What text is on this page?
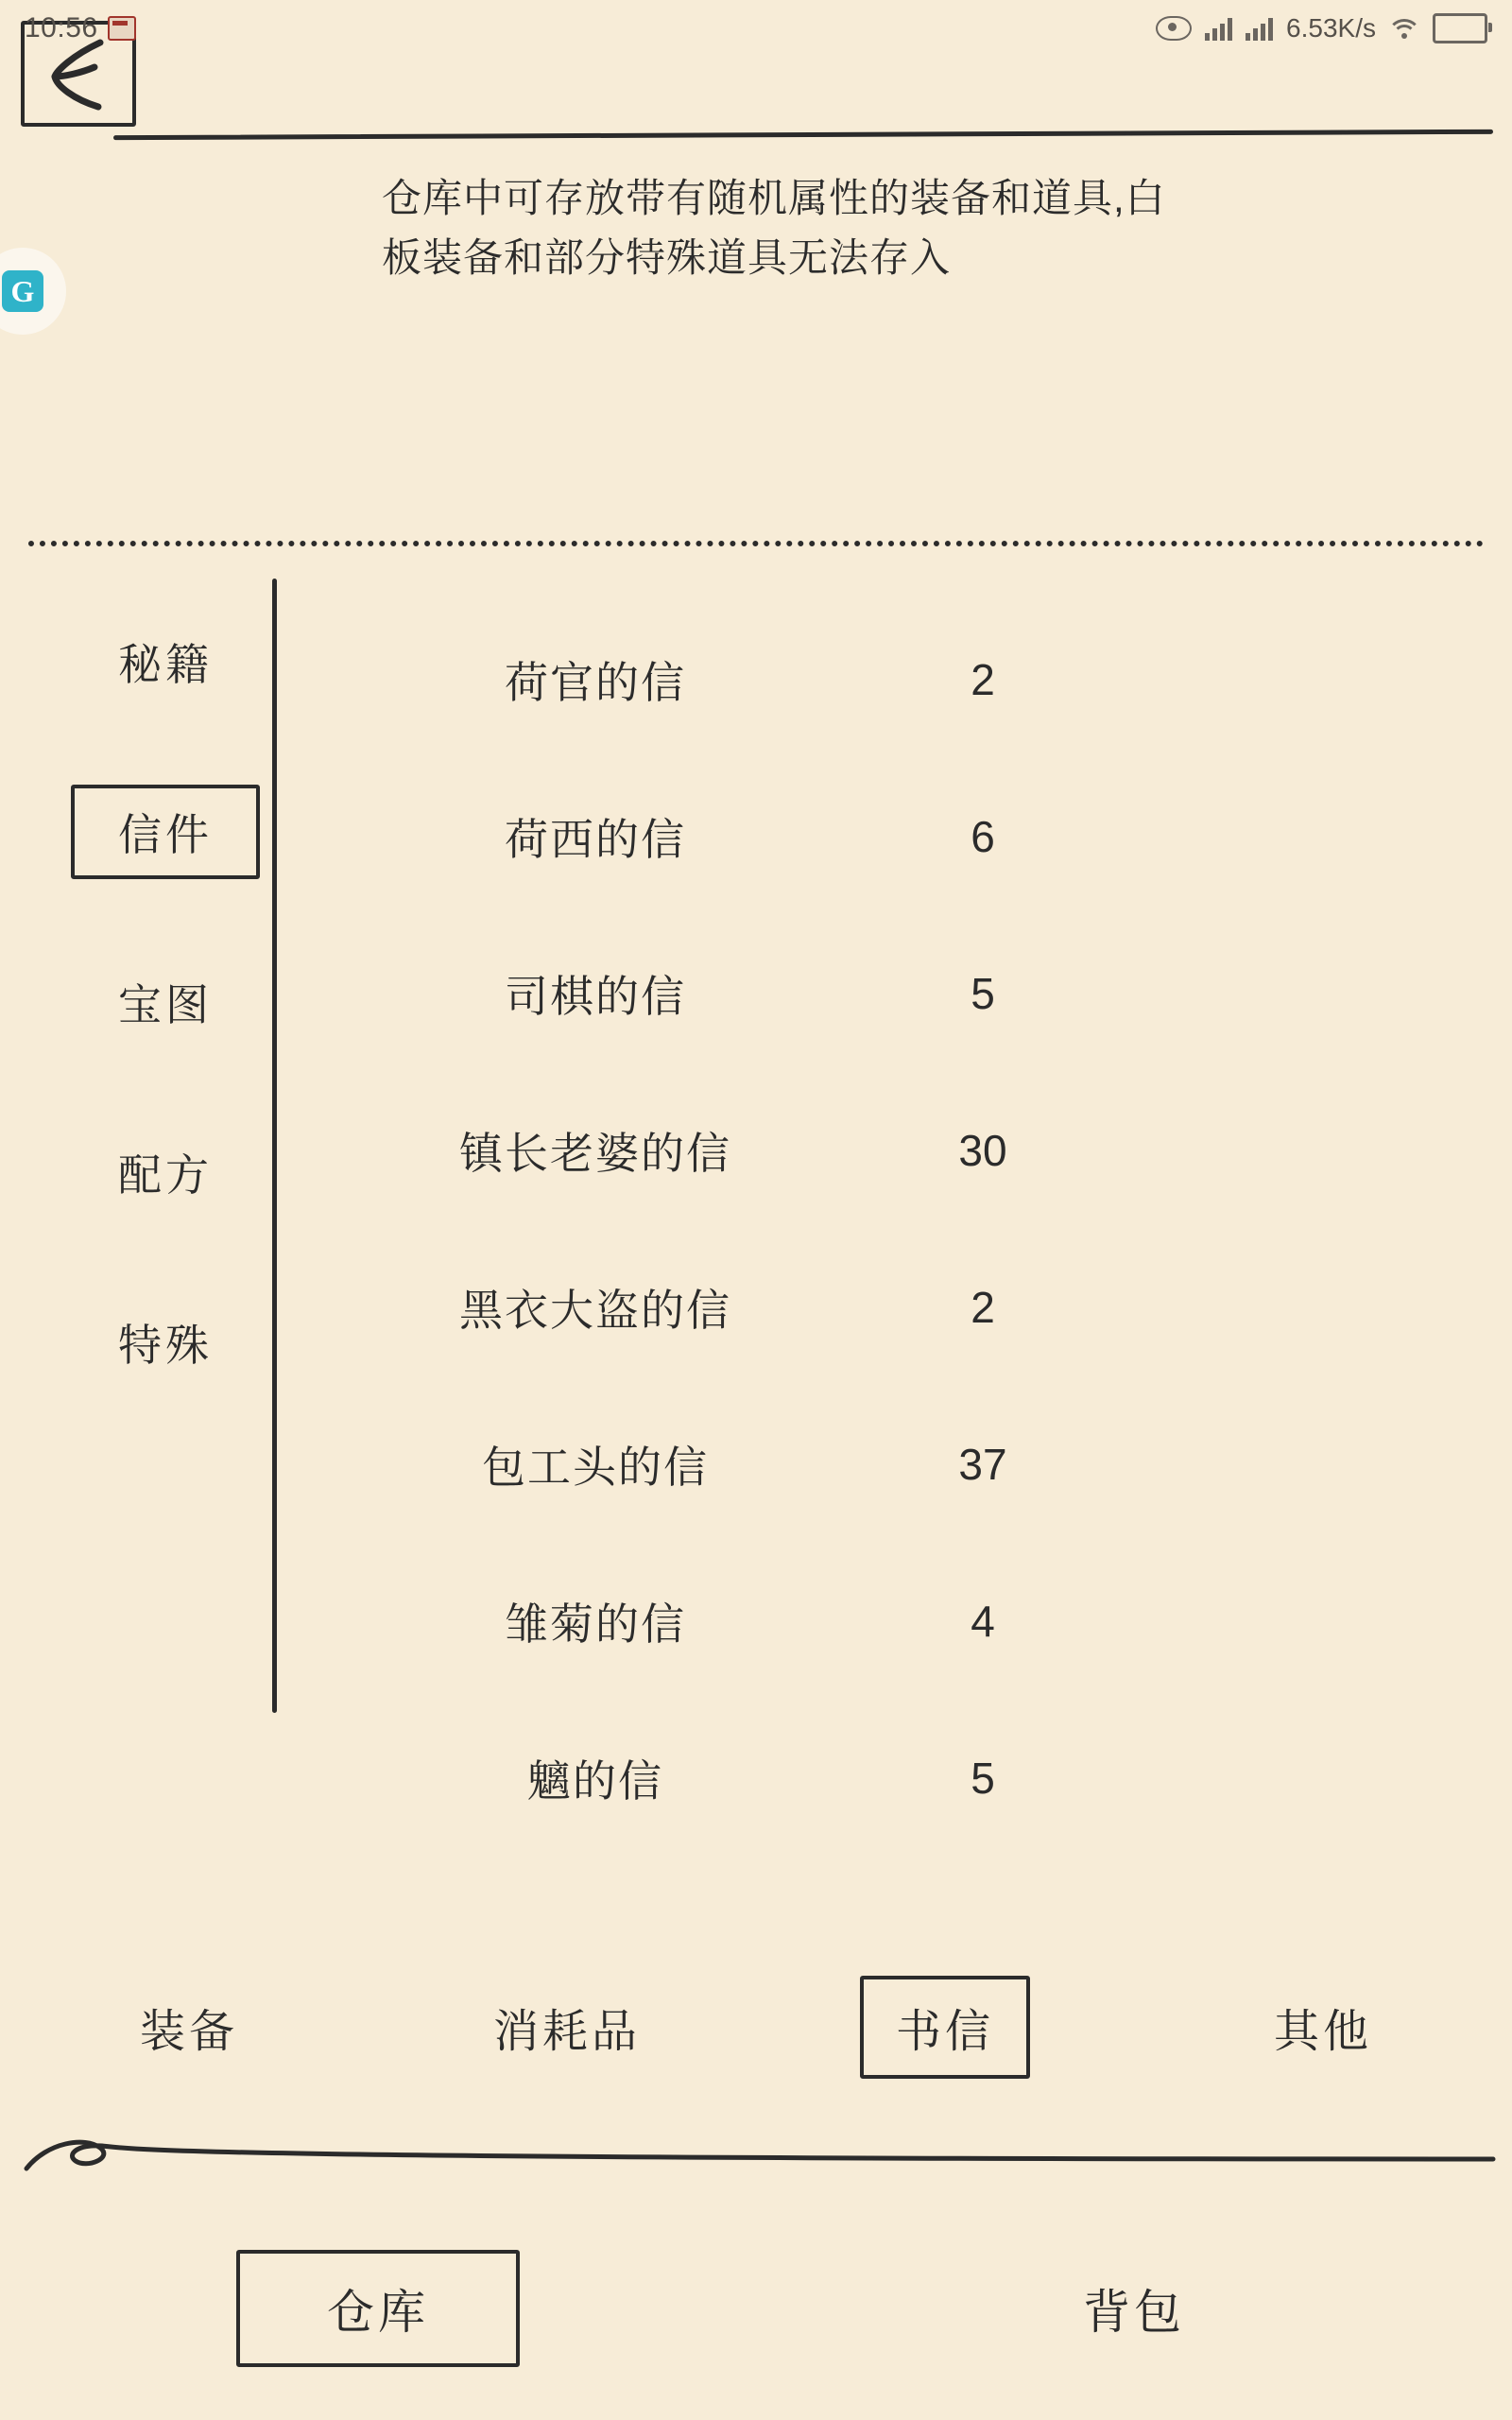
10:56	6.53K/s
G
仓库中可存放带有随机属性的装备和道具,白板装备和部分特殊道具无法存入
秘籍
信件
宝图
配方
特殊
荷官的信	2
荷西的信	6
司棋的信	5
镇长老婆的信	30
黑衣大盗的信	2
包工头的信	37
雏菊的信	4
魑的信	5
装备	消耗品	书信	其他
仓库	背包
